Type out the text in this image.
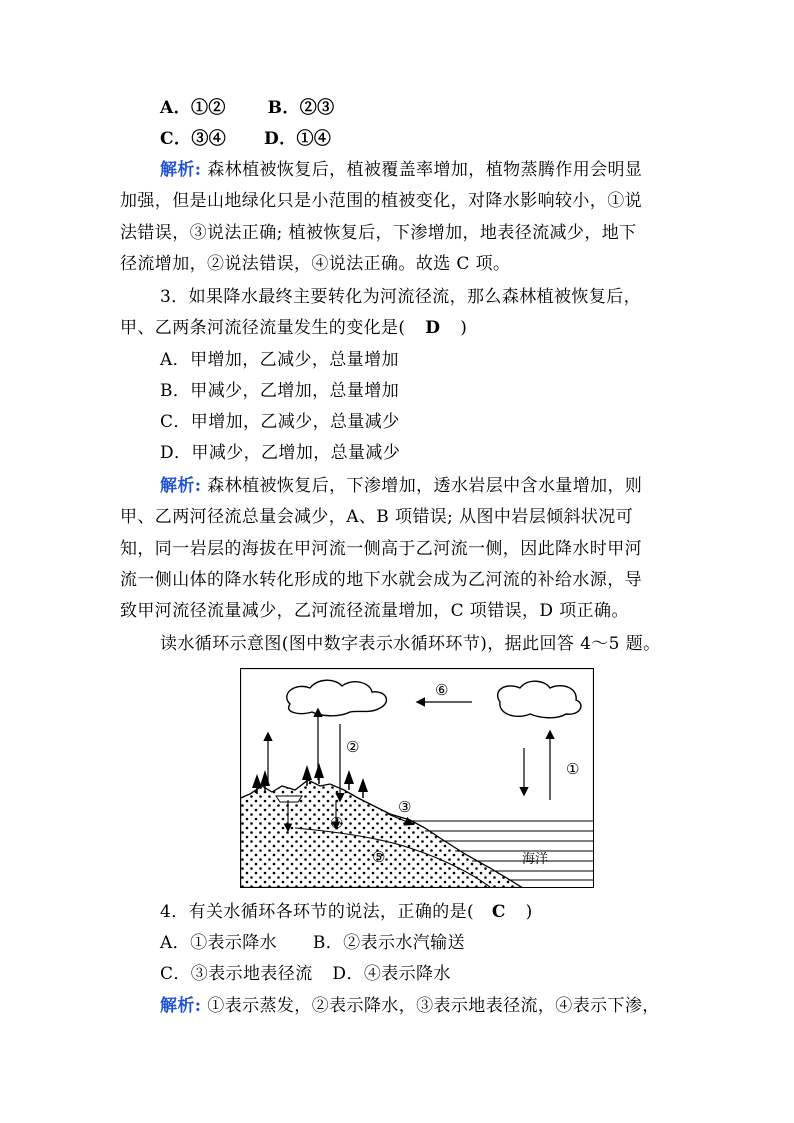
A．①② B．②③
C．③④ D．①④
解析: 森林植被恢复后，植被覆盖率增加，植物蒸腾作用会明显
加强，但是山地绿化只是小范围的植被变化，对降水影响较小，①说
法错误，③说法正确; 植被恢复后，下渗增加，地表径流减少，地下
径流增加，②说法错误，④说法正确。故选 C 项。
3．如果降水最终主要转化为河流径流，那么森林植被恢复后，
甲、乙两条河流径流量发生的变化是( D )
A．甲增加，乙减少，总量增加
B．甲减少，乙增加，总量增加
C．甲增加，乙减少，总量减少
D．甲减少，乙增加，总量减少
解析: 森林植被恢复后，下渗增加，透水岩层中含水量增加，则
甲、乙两河径流总量会减少，A、B 项错误; 从图中岩层倾斜状况可
知，同一岩层的海拔在甲河流一侧高于乙河流一侧，因此降水时甲河
流一侧山体的降水转化形成的地下水就会成为乙河流的补给水源，导
致甲河流径流量减少，乙河流径流量增加，C 项错误，D 项正确。
读水循环示意图(图中数字表示水循环环节)，据此回答 4～5 题。
⑥
②
①
海洋
④
③
⑤
4．有关水循环各环节的说法，正确的是( C )
A．①表示降水 B．②表示水汽输送
C．③表示地表径流 D．④表示降水
解析: ①表示蒸发，②表示降水，③表示地表径流，④表示下渗，
